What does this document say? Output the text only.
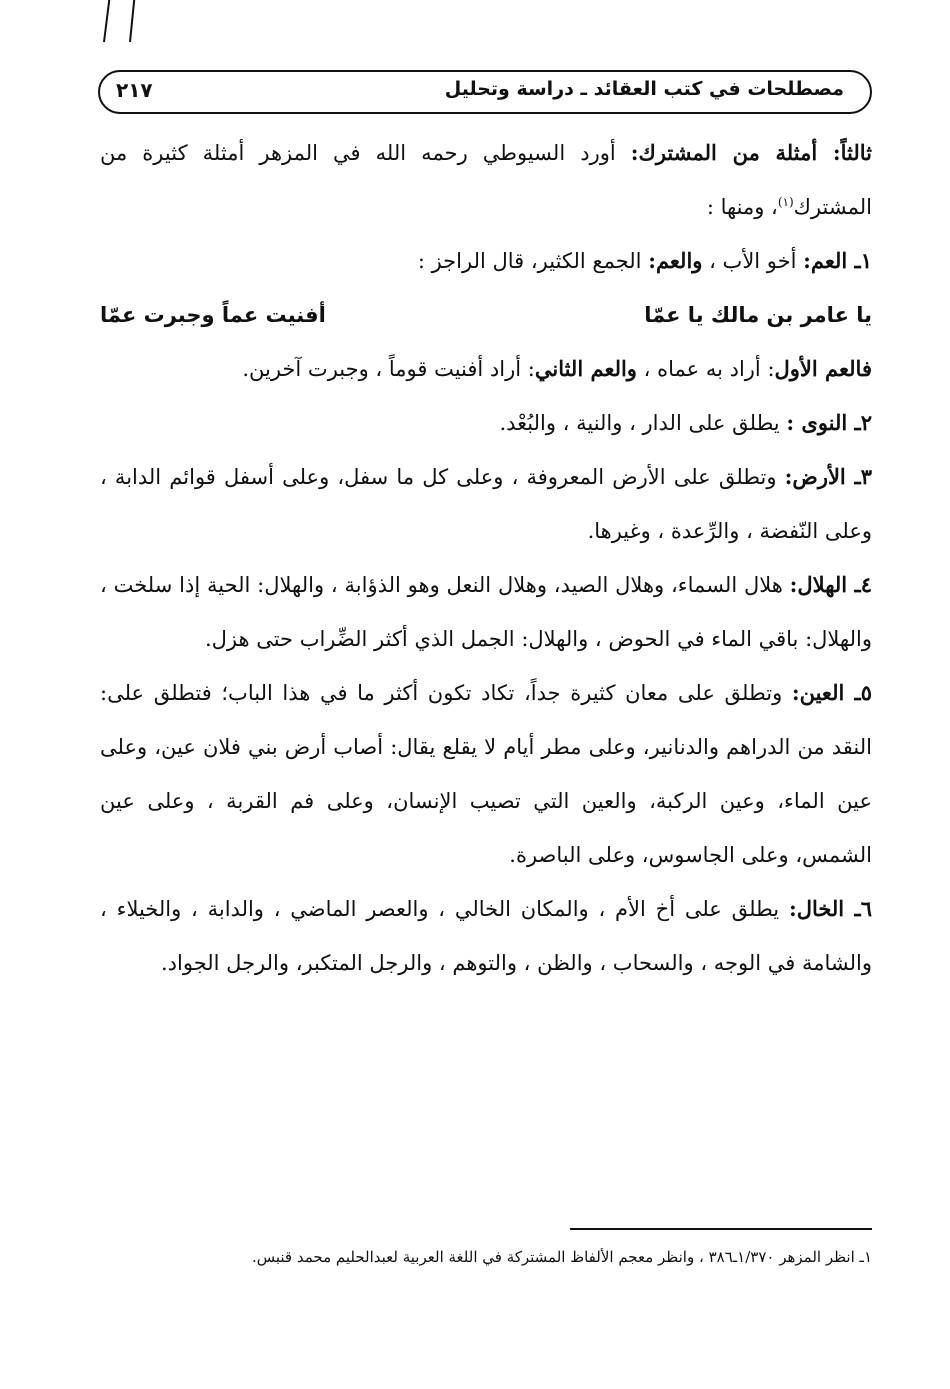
مصطلحات في كتب العقائد ـ دراسة وتحليل
٢١٧

ثالثاً: أمثلة من المشترك: أورد السيوطي رحمه الله في المزهر أمثلة كثيرة من المشترك$^{(١)}$، ومنها :

١ـ العم: أخو الأب ، والعم: الجمع الكثير، قال الراجز :

يا عامر بن مالك يا عمّا
أفنيت عماً وجبرت عمّا

فالعم الأول: أراد به عماه ، والعم الثاني: أراد أفنيت قوماً ، وجبرت آخرين.

٢ـ النوى : يطلق على الدار ، والنية ، والبُعْد.

٣ـ الأرض: وتطلق على الأرض المعروفة ، وعلى كل ما سفل، وعلى أسفل قوائم الدابة ، وعلى النّفضة ، والرِّعدة ، وغيرها.

٤ـ الهلال: هلال السماء، وهلال الصيد، وهلال النعل وهو الذؤابة ، والهلال: الحية إذا سلخت ، والهلال: باقي الماء في الحوض ، والهلال: الجمل الذي أكثر الضِّراب حتى هزل.

٥ـ العين: وتطلق على معان كثيرة جداً، تكاد تكون أكثر ما في هذا الباب؛ فتطلق على: النقد من الدراهم والدنانير، وعلى مطر أيام لا يقلع يقال: أصاب أرض بني فلان عين، وعلى عين الماء، وعين الركبة، والعين التي تصيب الإنسان، وعلى فم القربة ، وعلى عين الشمس، وعلى الجاسوس، وعلى الباصرة.

٦ـ الخال: يطلق على أخ الأم ، والمكان الخالي ، والعصر الماضي ، والدابة ، والخيلاء ، والشامة في الوجه ، والسحاب ، والظن ، والتوهم ، والرجل المتكبر، والرجل الجواد.

١ـ انظر المزهر ١/٣٧٠ـ٣٨٦ ، وانظر معجم الألفاظ المشتركة في اللغة العربية لعبدالحليم محمد قنبس.
